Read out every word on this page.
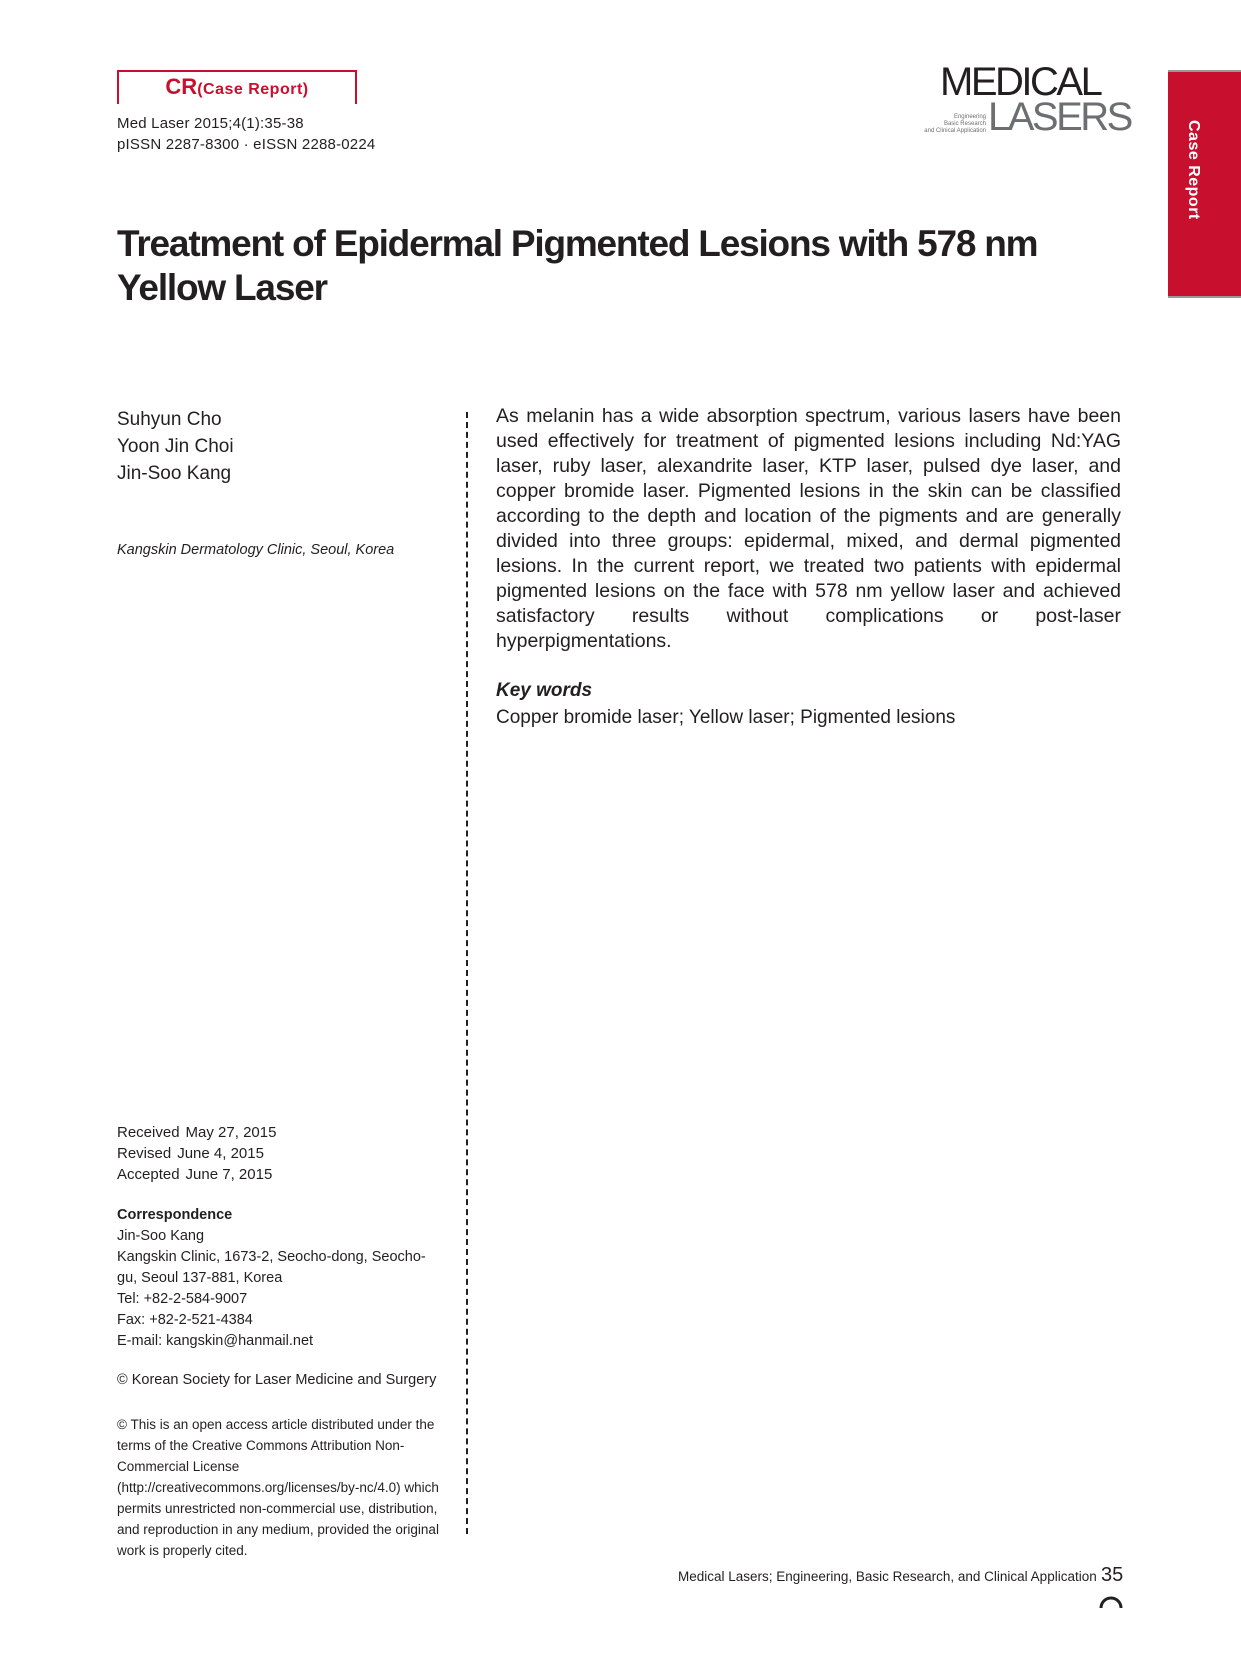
CR(Case Report)
Med Laser 2015;4(1):35-38
pISSN 2287-8300 · eISSN 2288-0224
MEDICAL
Engineering
Basic Research
and Clinical Application LASERS
Case Report
Treatment of Epidermal Pigmented Lesions with 578 nm Yellow Laser
Suhyun Cho
Yoon Jin Choi
Jin-Soo Kang
Kangskin Dermatology Clinic, Seoul, Korea

As melanin has a wide absorption spectrum, various lasers have been used effectively for treatment of pigmented lesions including Nd:YAG laser, ruby laser, alexandrite laser, KTP laser, pulsed dye laser, and copper bromide laser. Pigmented lesions in the skin can be classified according to the depth and location of the pigments and are generally divided into three groups: epidermal, mixed, and dermal pigmented lesions. In the current report, we treated two patients with epidermal pigmented lesions on the face with 578 nm yellow laser and achieved satisfactory results without complications or post-laser hyperpigmentations.

Key words
Copper bromide laser; Yellow laser; Pigmented lesions
Received May 27, 2015
Revised June 4, 2015
Accepted June 7, 2015
Correspondence
Jin-Soo Kang
Kangskin Clinic, 1673-2, Seocho-dong, Seocho-
gu, Seoul 137-881, Korea
Tel: +82-2-584-9007
Fax: +82-2-521-4384
E-mail: kangskin@hanmail.net
© Korean Society for Laser Medicine and Surgery
© This is an open access article distributed under the terms of the Creative Commons Attribution Non-Commercial License (http://creativecommons.org/licenses/by-nc/4.0) which permits unrestricted non-commercial use, distribution, and reproduction in any medium, provided the original work is properly cited.
Medical Lasers; Engineering, Basic Research, and Clinical Application 35
